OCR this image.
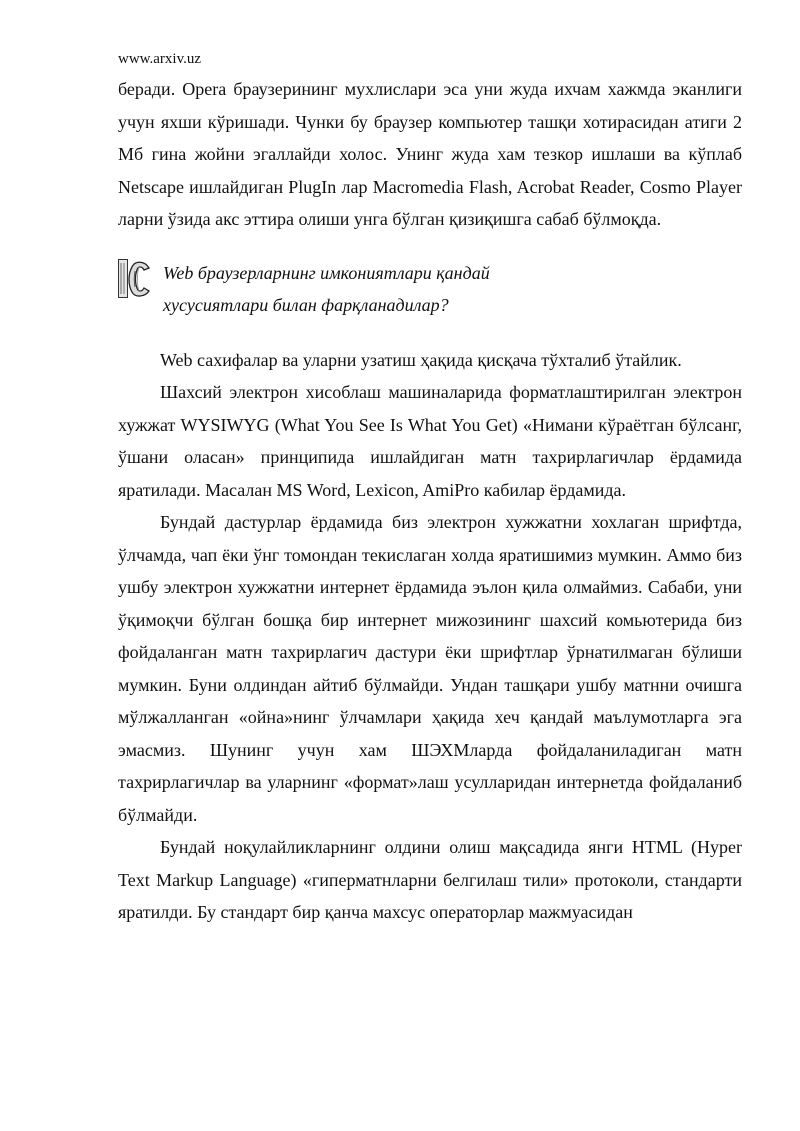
www.arxiv.uz

беради. Opera браузерининг мухлислари эса уни жуда ихчам хажмда эканлиги учун яхши кўришади. Чунки бу браузер компьютер ташқи хотирасидан атиги 2 Мб гина жойни эгаллайди холос. Унинг жуда хам тезкор ишлаши ва кўплаб Netscape ишлайдиган PlugIn лар Macromedia Flash, Acrobat Reader, Cosmo Player ларни ўзида акс эттира олиши унга бўлган қизиқишга сабаб бўлмоқда.

Web браузерларнинг имкониятлари қандай
хусусиятлари билан фарқланадилар?

Web сахифалар ва уларни узатиш ҳақида қисқача тўхталиб ўтайлик.

Шахсий электрон хисоблаш машиналарида форматлаштирилган электрон хужжат WYSIWYG (What You See Is What You Get) «Нимани кўраётган бўлсанг, ўшани оласан» принципида ишлайдиган матн тахрирлагичлар ёрдамида яратилади. Масалан MS Word, Lexicon, AmiPro кабилар ёрдамида.

Бундай дастурлар ёрдамида биз электрон хужжатни хохлаган шрифтда, ўлчамда, чап ёки ўнг томондан текислаган холда яратишимиз мумкин. Аммо биз ушбу электрон хужжатни интернет ёрдамида эълон қила олмаймиз. Сабаби, уни ўқимоқчи бўлган бошқа бир интернет мижозининг шахсий комьютерида биз фойдаланган матн тахрирлагич дастури ёки шрифтлар ўрнатилмаган бўлиши мумкин. Буни олдиндан айтиб бўлмайди. Ундан ташқари ушбу матнни очишга мўлжалланган «ойна»нинг ўлчамлари ҳақида хеч қандай маълумотларга эга эмасмиз. Шунинг учун хам ШЭХМларда фойдаланиладиган матн тахрирлагичлар ва уларнинг «формат»лаш усулларидан интернетда фойдаланиб бўлмайди.

Бундай ноқулайликларнинг олдини олиш мақсадида янги HTML (Hyper Text Markup Language) «гиперматнларни белгилаш тили» протоколи, стандарти яратилди. Бу стандарт бир қанча махсус операторлар мажмуасидан
